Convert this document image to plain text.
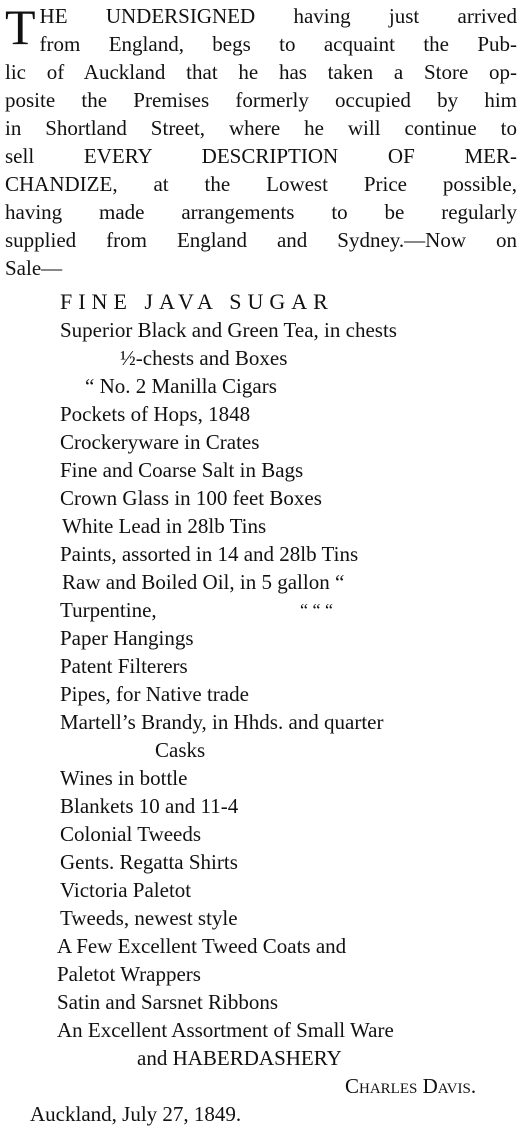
T HE UNDERSIGNED having just arrived
from England, begs to acquaint the Pub-
lic of Auckland that he has taken a Store op-
posite the Premises formerly occupied by him
in Shortland Street, where he will continue to
sell EVERY DESCRIPTION OF MER-
CHANDIZE, at the Lowest Price possible,
having made arrangements to be regularly
supplied from England and Sydney.—Now on
Sale—
FINE JAVA SUGAR
Superior Black and Green Tea, in chests
½-chests and Boxes
“ No. 2 Manilla Cigars
Pockets of Hops, 1848
Crockeryware in Crates
Fine and Coarse Salt in Bags
Crown Glass in 100 feet Boxes
White Lead in 28lb Tins
Paints, assorted in 14 and 28lb Tins
Raw and Boiled Oil, in 5 gallon “
Turpentine,	“ “ “
Paper Hangings
Patent Filterers
Pipes, for Native trade
Martell’s Brandy, in Hhds. and quarter
Casks
Wines in bottle
Blankets 10 and 11-4
Colonial Tweeds
Gents. Regatta Shirts
Victoria Paletot
Tweeds, newest style
A Few Excellent Tweed Coats and
Paletot Wrappers
Satin and Sarsnet Ribbons
An Excellent Assortment of Small Ware
and HABERDASHERY
Charles Davis.
Auckland, July 27, 1849.
